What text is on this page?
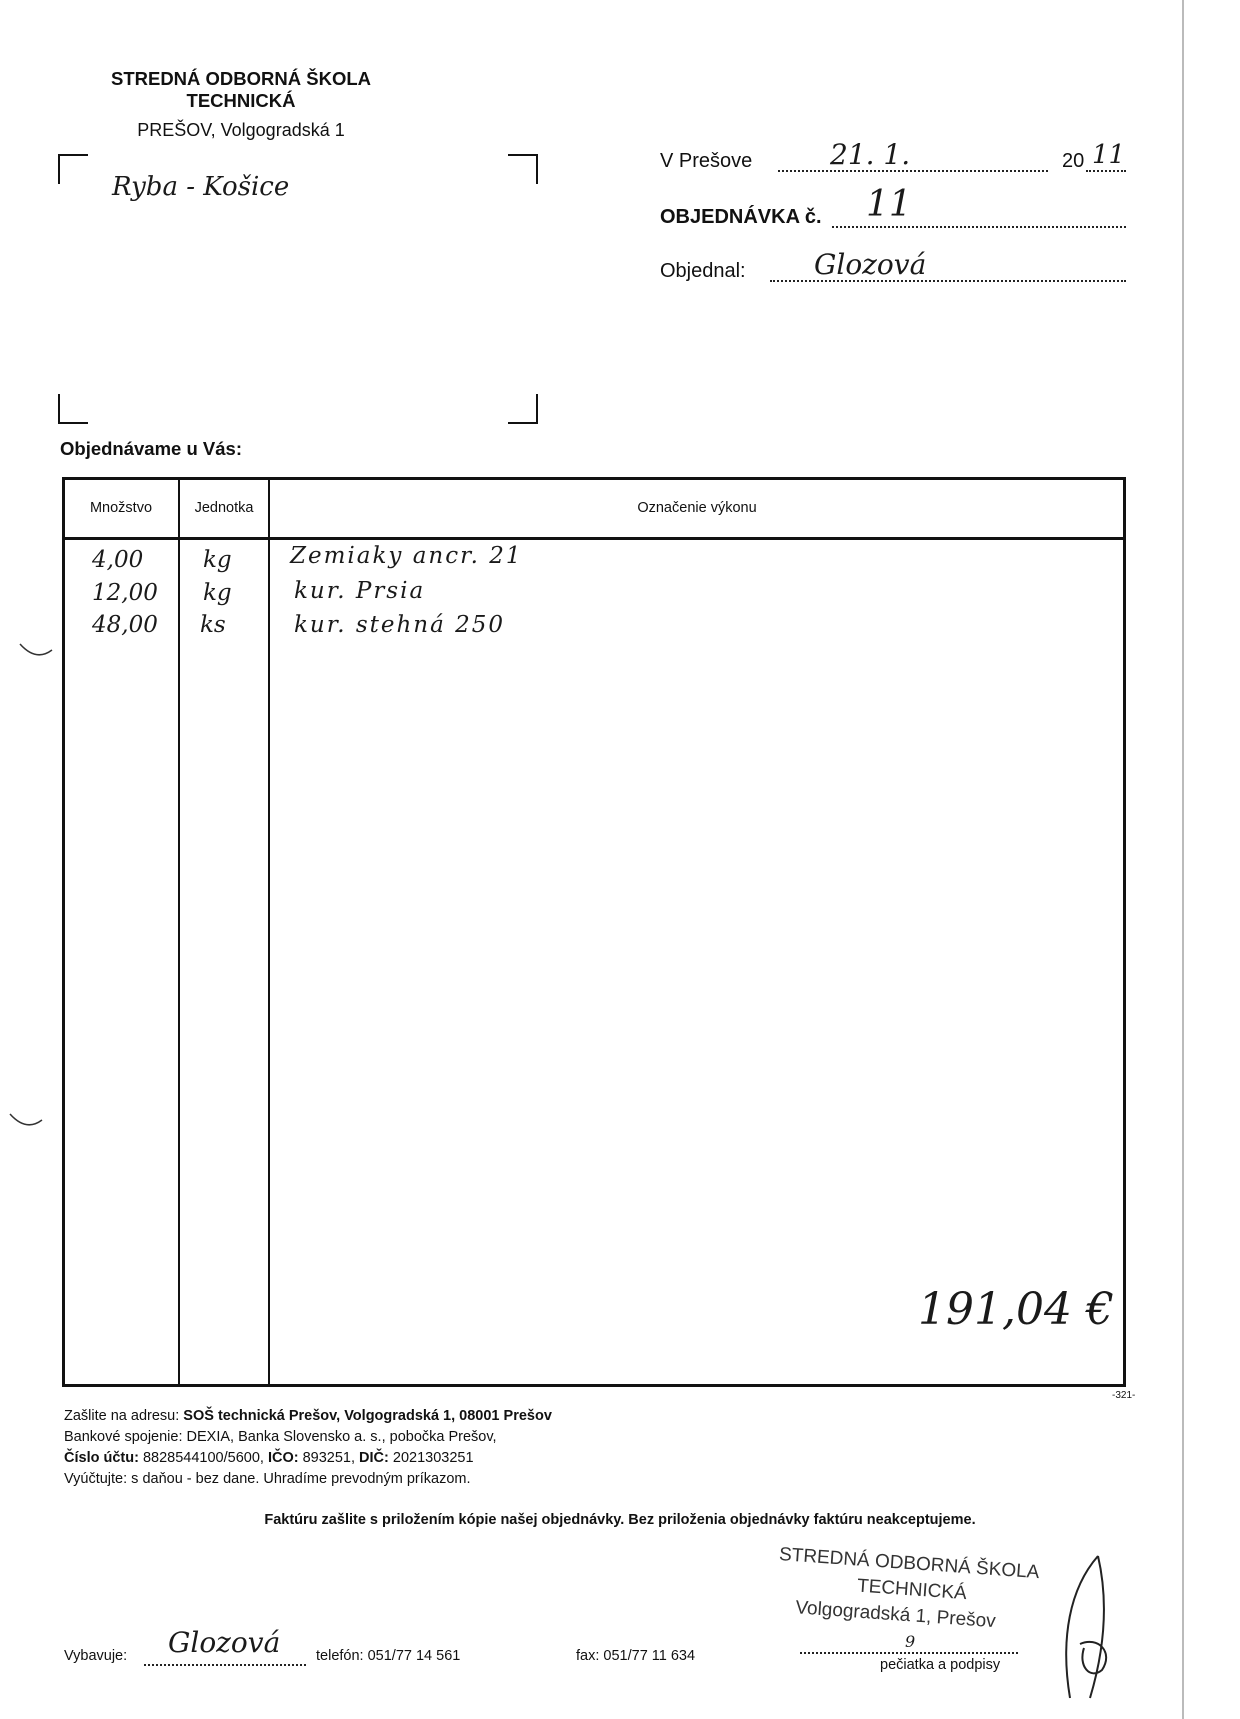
STREDNÁ ODBORNÁ ŠKOLA
TECHNICKÁ
PREŠOV, Volgogradská 1
Ryba - Košice
V Prešove	21. 1.	20 11
OBJEDNÁVKA č. 11
Objednal: Glozová
Objednávame u Vás:
Množstvo	Jednotka	Označenie výkonu
4,00	kg	Zemiaky ancr. 21
12,00 kg	kur. Prsia
48,00 ks	kur. stehná 250
191,04 €
-321-
Zašlite na adresu: SOŠ technická Prešov, Volgogradská 1, 08001 Prešov
Bankové spojenie: DEXIA, Banka Slovensko a. s., pobočka Prešov,
Číslo účtu: 8828544100/5600, IČO: 893251, DIČ: 2021303251
Vyúčtujte: s daňou - bez dane. Uhradíme prevodným príkazom.
Faktúru zašlite s priložením kópie našej objednávky. Bez priloženia objednávky faktúru neakceptujeme.
STREDNÁ ODBORNÁ ŠKOLA
TECHNICKÁ
Volgogradská 1, Prešov
9
pečiatka a podpisy
Vybavuje: Glozová telefón: 051/77 14 561	fax: 051/77 11 634
